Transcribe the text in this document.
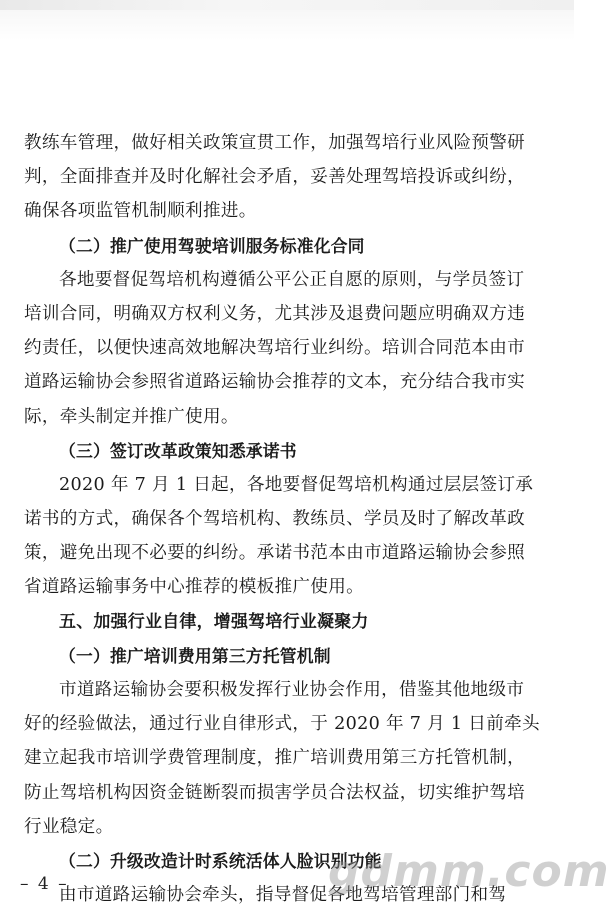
教练车管理，做好相关政策宣贯工作，加强驾培行业风险预警研
判，全面排查并及时化解社会矛盾，妥善处理驾培投诉或纠纷，
确保各项监管机制顺利推进。
（二）推广使用驾驶培训服务标准化合同
各地要督促驾培机构遵循公平公正自愿的原则，与学员签订
培训合同，明确双方权利义务，尤其涉及退费问题应明确双方违
约责任，以便快速高效地解决驾培行业纠纷。培训合同范本由市
道路运输协会参照省道路运输协会推荐的文本，充分结合我市实
际，牵头制定并推广使用。
（三）签订改革政策知悉承诺书
2020 年 7 月 1 日起，各地要督促驾培机构通过层层签订承
诺书的方式，确保各个驾培机构、教练员、学员及时了解改革政
策，避免出现不必要的纠纷。承诺书范本由市道路运输协会参照
省道路运输事务中心推荐的模板推广使用。
五、加强行业自律，增强驾培行业凝聚力
（一）推广培训费用第三方托管机制
市道路运输协会要积极发挥行业协会作用，借鉴其他地级市
好的经验做法，通过行业自律形式，于 2020 年 7 月 1 日前牵头
建立起我市培训学费管理制度，推广培训费用第三方托管机制，
防止驾培机构因资金链断裂而损害学员合法权益，切实维护驾培
行业稳定。
（二）升级改造计时系统活体人脸识别功能
由市道路运输协会牵头，指导督促各地驾培管理部门和驾
– 4 –	gdmm.com
